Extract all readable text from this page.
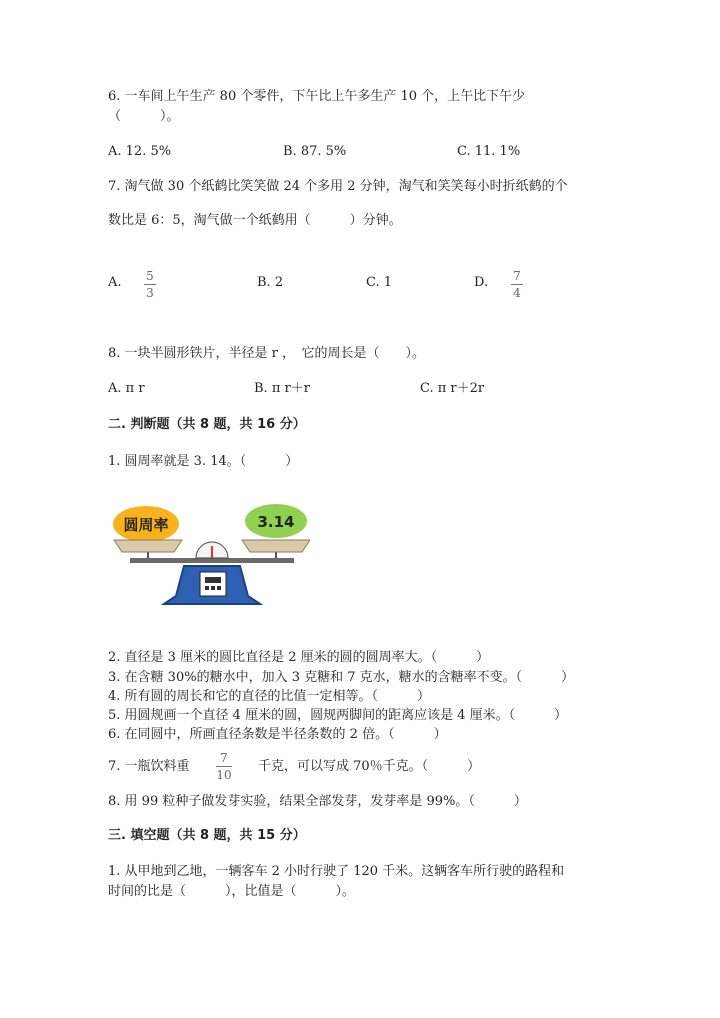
6. 一车间上午生产 80 个零件，下午比上午多生产 10 个，上午比下午少
（　　　）。
A. 12. 5%	B. 87. 5%	C. 11. 1%
7. 淘气做 30 个纸鹤比笑笑做 24 个多用 2 分钟，淘气和笑笑每小时折纸鹤的个
数比是 6：5，淘气做一个纸鹤用（　　　）分钟。
A. 5
3
B. 2	C. 1	D. 7
4
8. 一块半圆形铁片，半径是 r ，　它的周长是（　　）。
A. π r	B. π r＋r	C. π r＋2r
二. 判断题（共 8 题，共 16 分）
1. 圆周率就是 3. 14。（　　　）
圆周率	3.14
2. 直径是 3 厘米的圆比直径是 2 厘米的圆的圆周率大。（　　　）
3. 在含糖 30%的糖水中，加入 3 克糖和 7 克水，糖水的含糖率不变。（　　　）
4. 所有圆的周长和它的直径的比值一定相等。（　　　）
5. 用圆规画一个直径 4 厘米的圆，圆规两脚间的距离应该是 4 厘米。（　　　）
6. 在同圆中，所画直径条数是半径条数的 2 倍。（　　　）
7. 一瓶饮料重
7
10
千克，可以写成 70％千克。（　　　）
8. 用 99 粒种子做发芽实验，结果全部发芽，发芽率是 99%。（　　　）
三. 填空题（共 8 题，共 15 分）
1. 从甲地到乙地，一辆客车 2 小时行驶了 120 千米。这辆客车所行驶的路程和
时间的比是（　　　），比值是（　　　）。
